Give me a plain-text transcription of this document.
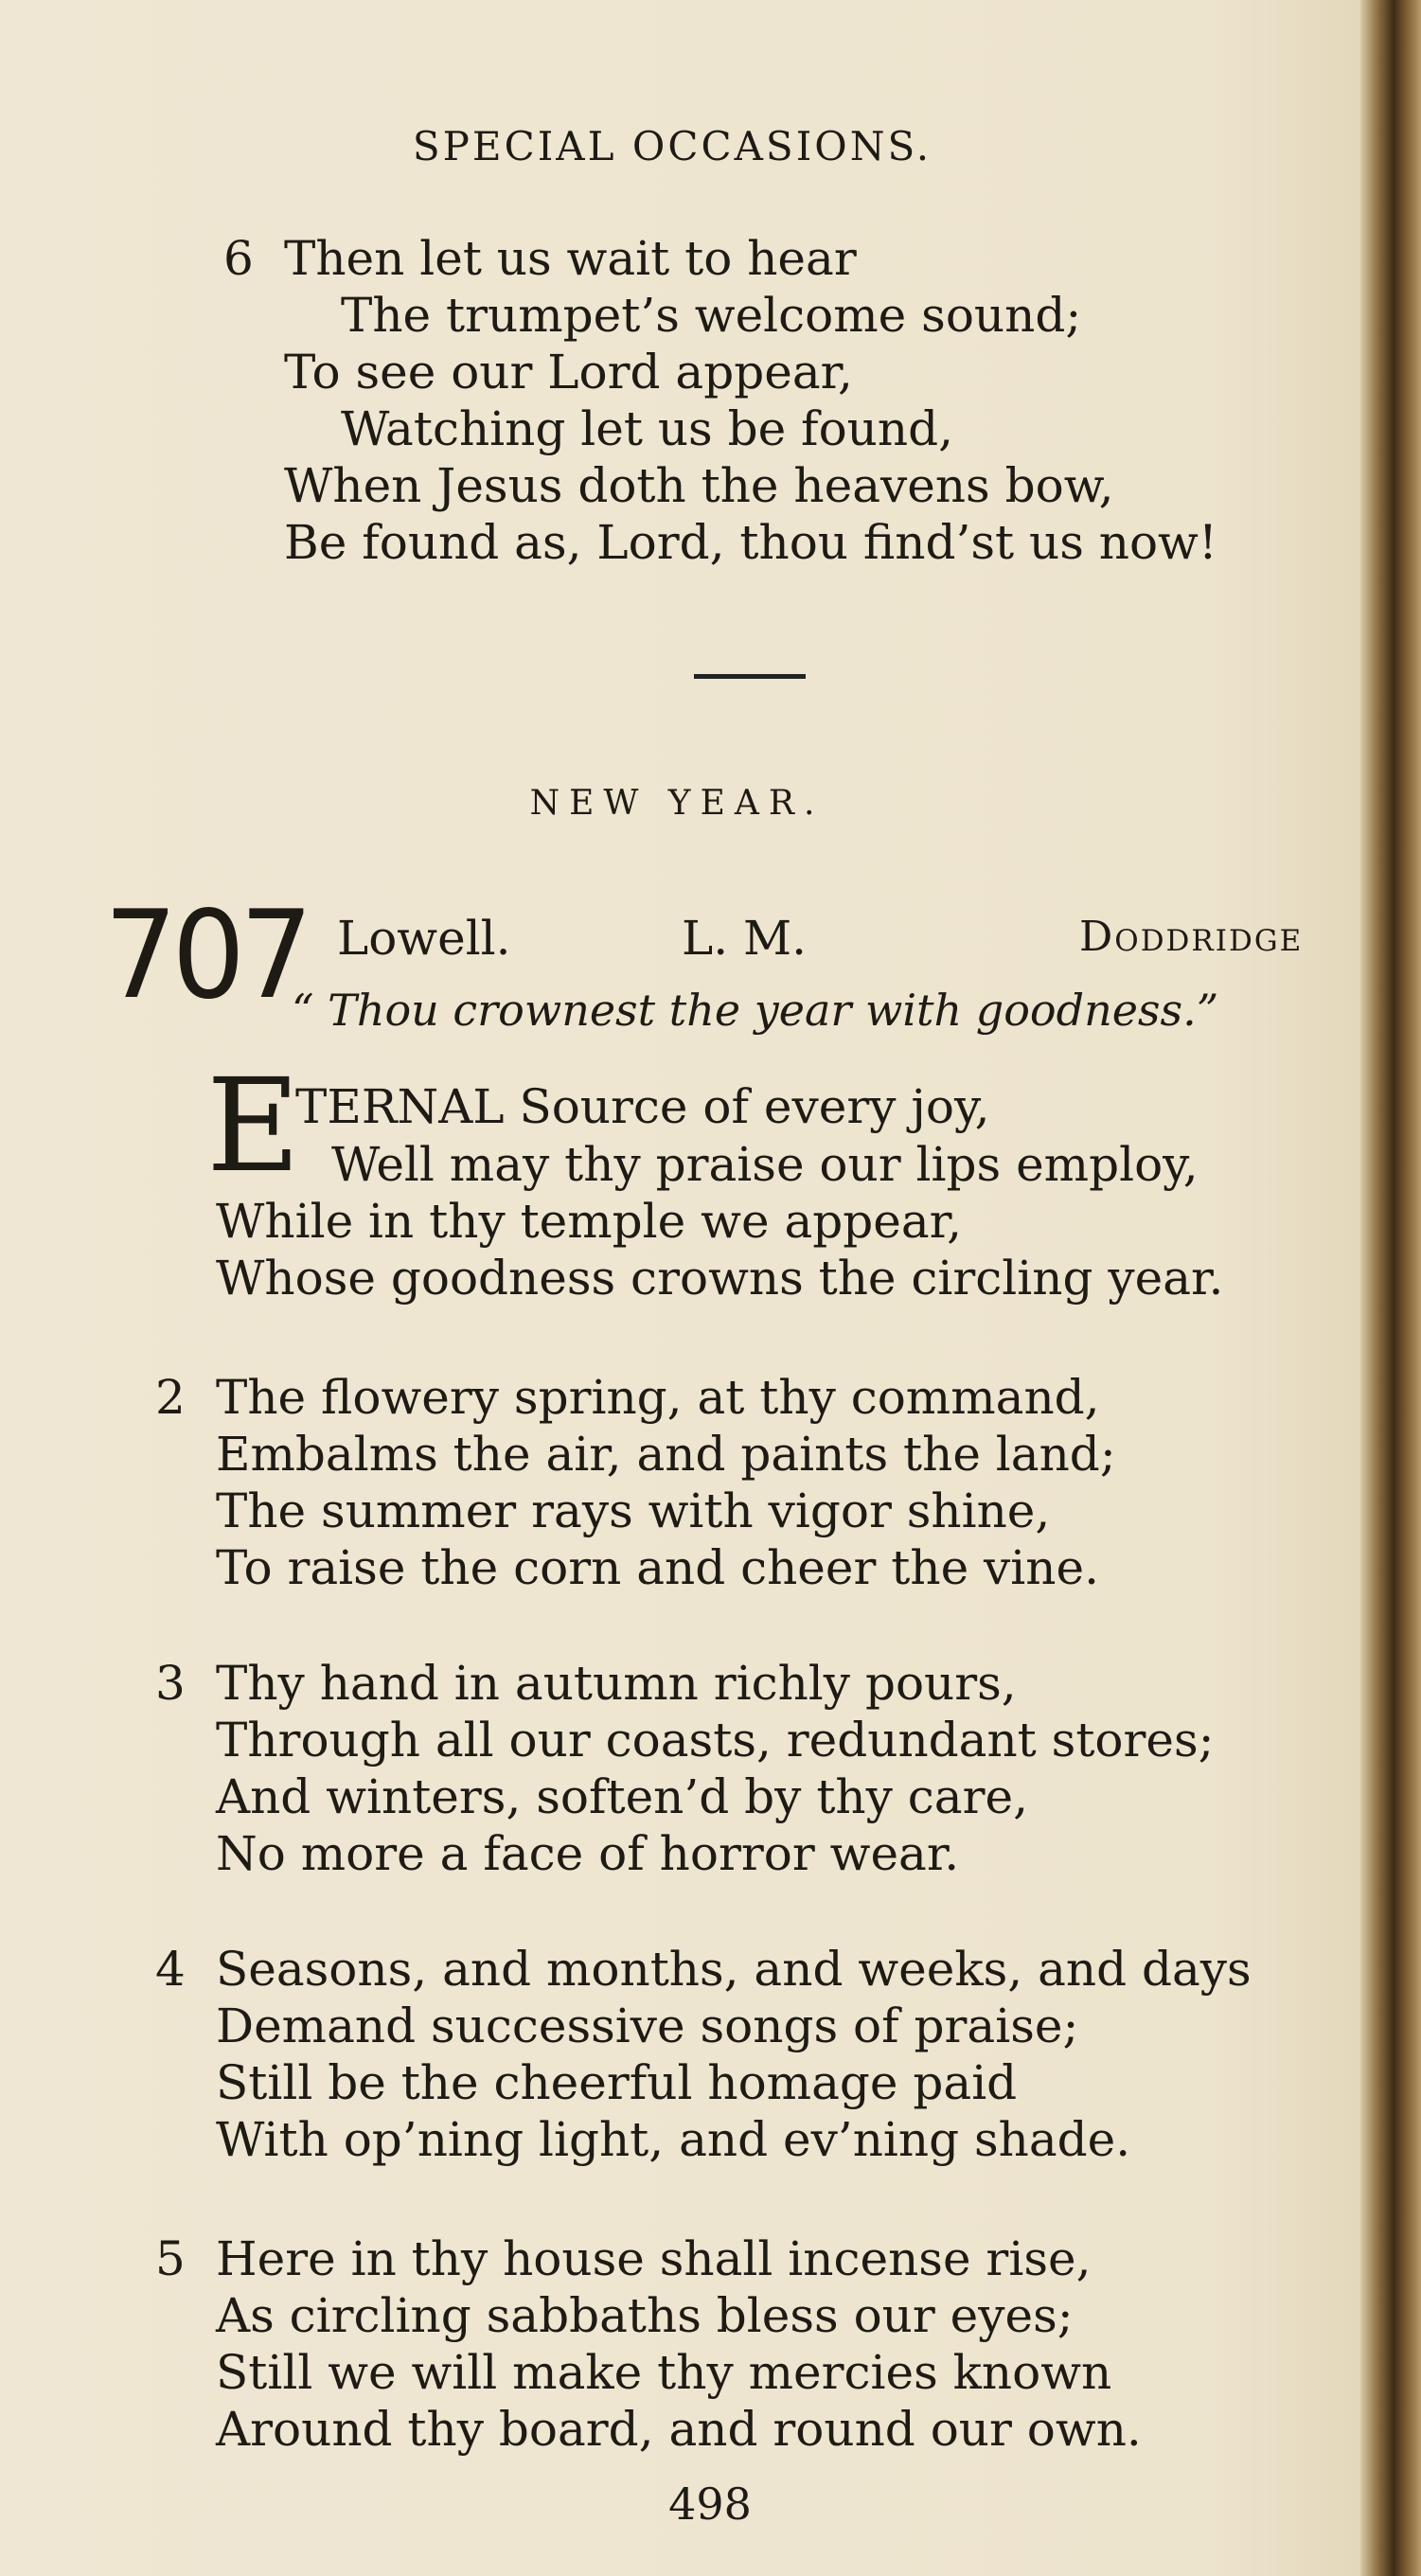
SPECIAL OCCASIONS.
6 Then let us wait to hear
The trumpet’s welcome sound;
To see our Lord appear,
Watching let us be found,
When Jesus doth the heavens bow,
Be found as, Lord, thou find’st us now!
NEW YEAR.
707 Lowell.	L. M.	Doddridge
“ Thou crownest the year with goodness.”
E
TERNAL Source of every joy,
Well may thy praise our lips employ,
While in thy temple we appear,
Whose goodness crowns the circling year.
2 The flowery spring, at thy command,
Embalms the air, and paints the land;
The summer rays with vigor shine,
To raise the corn and cheer the vine.
3 Thy hand in autumn richly pours,
Through all our coasts, redundant stores;
And winters, soften’d by thy care,
No more a face of horror wear.
4 Seasons, and months, and weeks, and days
Demand successive songs of praise;
Still be the cheerful homage paid
With op’ning light, and ev’ning shade.
5 Here in thy house shall incense rise,
As circling sabbaths bless our eyes;
Still we will make thy mercies known
Around thy board, and round our own.
498
